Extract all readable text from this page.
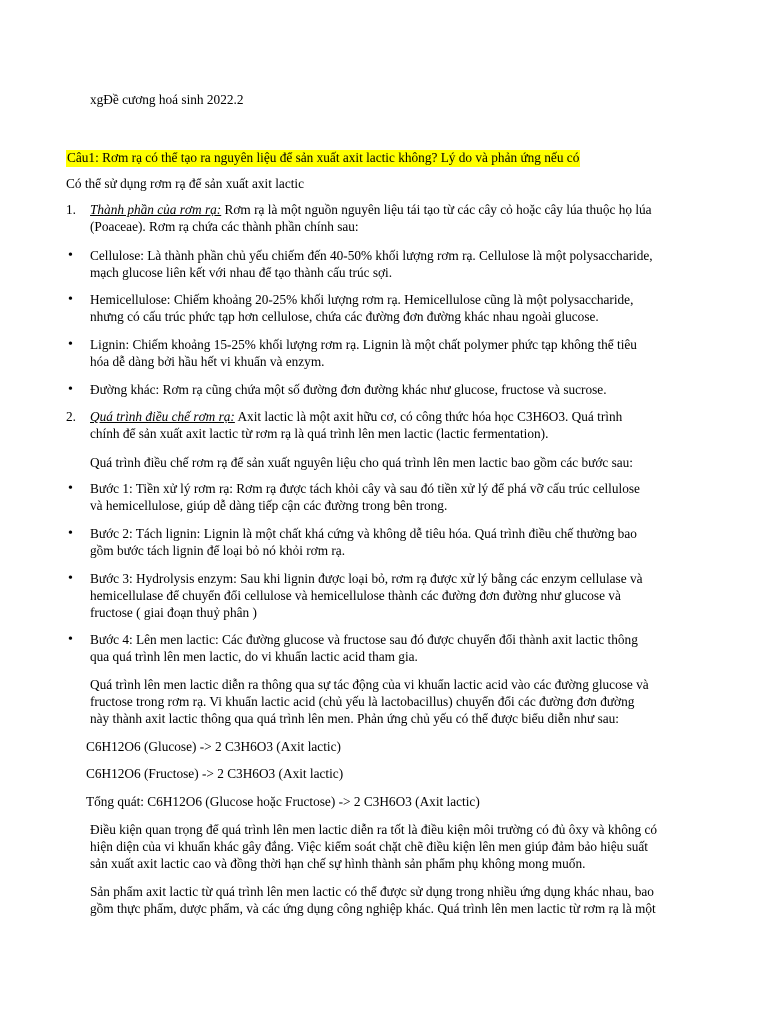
xgĐề cương hoá sinh 2022.2

Câu1: Rơm rạ có thể tạo ra nguyên liệu để sản xuất axit lactic không? Lý do và phản ứng nếu có

Có thể sử dụng rơm rạ để sản xuất axit lactic

1. Thành phần của rơm rạ: Rơm rạ là một nguồn nguyên liệu tái tạo từ các cây cỏ hoặc cây lúa thuộc họ lúa

(Poaceae). Rơm rạ chứa các thành phần chính sau:

• Cellulose: Là thành phần chủ yếu chiếm đến 40-50% khối lượng rơm rạ. Cellulose là một polysaccharide,

mạch glucose liên kết với nhau để tạo thành cấu trúc sợi.

• Hemicellulose: Chiếm khoảng 20-25% khối lượng rơm rạ. Hemicellulose cũng là một polysaccharide,

nhưng có cấu trúc phức tạp hơn cellulose, chứa các đường đơn đường khác nhau ngoài glucose.

• Lignin: Chiếm khoảng 15-25% khối lượng rơm rạ. Lignin là một chất polymer phức tạp không thể tiêu

hóa dễ dàng bởi hầu hết vi khuẩn và enzym.

• Đường khác: Rơm rạ cũng chứa một số đường đơn đường khác như glucose, fructose và sucrose.

2. Quá trình điều chế rơm rạ: Axit lactic là một axit hữu cơ, có công thức hóa học C3H6O3. Quá trình

chính để sản xuất axit lactic từ rơm rạ là quá trình lên men lactic (lactic fermentation).

Quá trình điều chế rơm rạ để sản xuất nguyên liệu cho quá trình lên men lactic bao gồm các bước sau:

• Bước 1: Tiền xử lý rơm rạ: Rơm rạ được tách khỏi cây và sau đó tiền xử lý để phá vỡ cấu trúc cellulose

và hemicellulose, giúp dễ dàng tiếp cận các đường trong bên trong.

• Bước 2: Tách lignin: Lignin là một chất khá cứng và không dễ tiêu hóa. Quá trình điều chế thường bao

gồm bước tách lignin để loại bỏ nó khỏi rơm rạ.

• Bước 3: Hydrolysis enzym: Sau khi lignin được loại bỏ, rơm rạ được xử lý bằng các enzym cellulase và

hemicellulase để chuyển đổi cellulose và hemicellulose thành các đường đơn đường như glucose và

fructose ( giai đoạn thuỷ phân )

• Bước 4: Lên men lactic: Các đường glucose và fructose sau đó được chuyển đổi thành axit lactic thông

qua quá trình lên men lactic, do vi khuẩn lactic acid tham gia.

Quá trình lên men lactic diễn ra thông qua sự tác động của vi khuẩn lactic acid vào các đường glucose và

fructose trong rơm rạ. Vi khuẩn lactic acid (chủ yếu là lactobacillus) chuyển đổi các đường đơn đường

này thành axit lactic thông qua quá trình lên men. Phản ứng chủ yếu có thể được biểu diễn như sau:

C6H12O6 (Glucose) -> 2 C3H6O3 (Axit lactic)

C6H12O6 (Fructose) -> 2 C3H6O3 (Axit lactic)

Tổng quát: C6H12O6 (Glucose hoặc Fructose) -> 2 C3H6O3 (Axit lactic)

Điều kiện quan trọng để quá trình lên men lactic diễn ra tốt là điều kiện môi trường có đủ ôxy và không có

hiện diện của vi khuẩn khác gây đắng. Việc kiểm soát chặt chẽ điều kiện lên men giúp đảm bảo hiệu suất

sản xuất axit lactic cao và đồng thời hạn chế sự hình thành sản phẩm phụ không mong muốn.

Sản phẩm axit lactic từ quá trình lên men lactic có thể được sử dụng trong nhiều ứng dụng khác nhau, bao

gồm thực phẩm, dược phẩm, và các ứng dụng công nghiệp khác. Quá trình lên men lactic từ rơm rạ là một
